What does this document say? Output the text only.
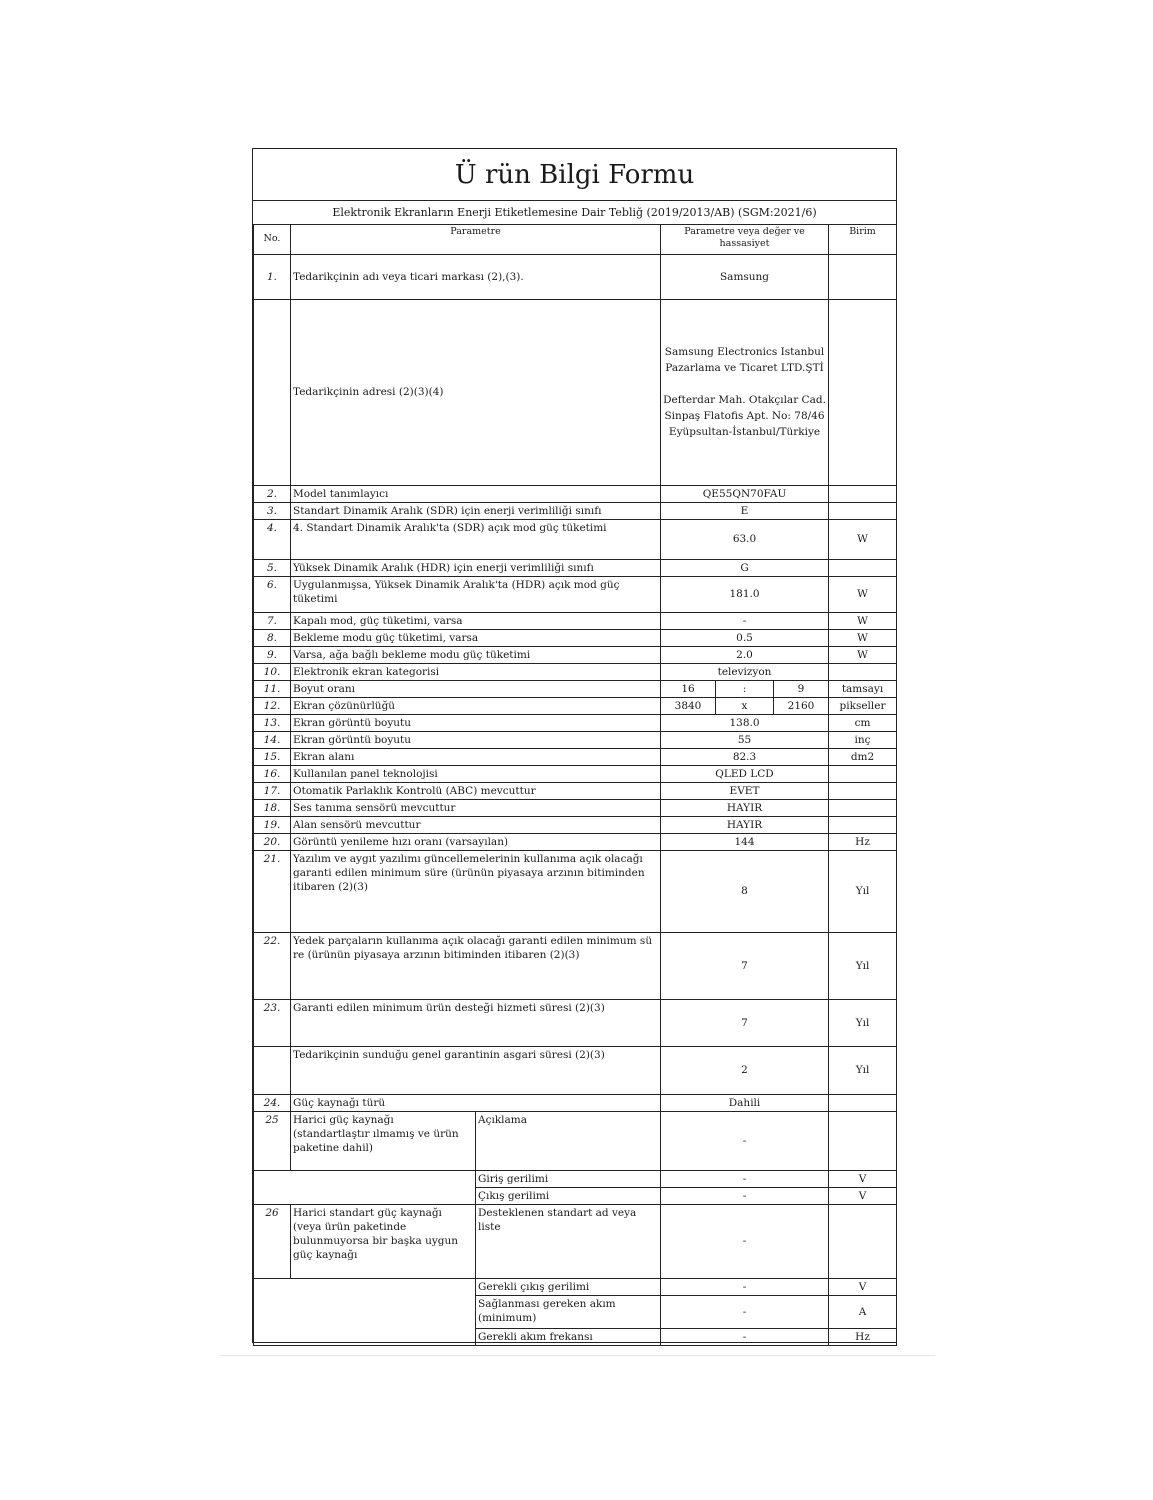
Ü rün Bilgi Formu
Elektronik Ekranların Enerji Etiketlemesine Dair Tebliğ (2019/2013/AB) (SGM:2021/6)
No.	Parametre		Parametre veya değer ve hassasiyet			Birim
1.	Tedarikçinin adı veya ticari markası (2),(3).		Samsung			
	Tedarikçinin adresi (2)(3)(4)		Samsung Electronics Istanbul
Pazarlama ve Ticaret LTD.ŞTİ
Defterdar Mah. Otakçılar Cad.
Sinpaş Flatofis Apt. No: 78/46
Eyüpsultan-İstanbul/Türkiye			

2.	Model tanımlayıcı		QE55QN70FAU			
3.	Standart Dinamik Aralık (SDR) için enerji verimliliği sınıfı		E			
4.	4. Standart Dinamik Aralık'ta (SDR) açık mod güç tüketimi		63.0			W
5.	Yüksek Dinamik Aralık (HDR) için enerji verimliliği sınıfı		G			
6.	Uygulanmışsa, Yüksek Dinamik Aralık'ta (HDR) açık mod güç tüketimi		181.0			W
7.	Kapalı mod, güç tüketimi, varsa		-			W
8.	Bekleme modu güç tüketimi, varsa		0.5			W
9.	Varsa, ağa bağlı bekleme modu güç tüketimi		2.0			W
10.	Elektronik ekran kategorisi		televizyon			
11.	Boyut oranı		16	:	9	tamsayı
12.	Ekran çözünürlüğü		3840	x	2160	pikseller
13.	Ekran görüntü boyutu		138.0			cm
14.	Ekran görüntü boyutu		55			inç
15.	Ekran alanı		82.3			dm2
16.	Kullanılan panel teknolojisi		QLED LCD			
17.	Otomatik Parlaklık Kontrolü (ABC) mevcuttur		EVET			
18.	Ses tanıma sensörü mevcuttur		HAYIR			
19.	Alan sensörü mevcuttur		HAYIR			
20.	Görüntü yenileme hızı oranı (varsayılan)		144			Hz
21.	Yazılım ve aygıt yazılımı güncellemelerinin kullanıma açık olacağı garanti edilen minimum süre (ürünün piyasaya arzının bitiminden itibaren (2)(3)		8			Yıl
22.	Yedek parçaların kullanıma açık olacağı garanti edilen minimum sü re (ürünün piyasaya arzının bitiminden itibaren (2)(3)		7			Yıl
23.	Garanti edilen minimum ürün desteği hizmeti süresi (2)(3)		7			Yıl
	Tedarikçinin sunduğu genel garantinin asgari süresi (2)(3)		2			Yıl
24.	Güç kaynağı türü		Dahili			
25	Harici güç kaynağı (standartlaştır ılmamış ve ürün paketine dahil)	Açıklama	-			
		Giriş gerilimi	-			V
		Çıkış gerilimi	-			V
26	Harici standart güç kaynağı (veya ürün paketinde bulunmuyorsa bir başka uygun güç kaynağı	Desteklenen standart ad veya liste	-			
		Gerekli çıkış gerilimi	-			V
		Sağlanması gereken akım (minimum)	-			A
		Gerekli akım frekansı	-			Hz
